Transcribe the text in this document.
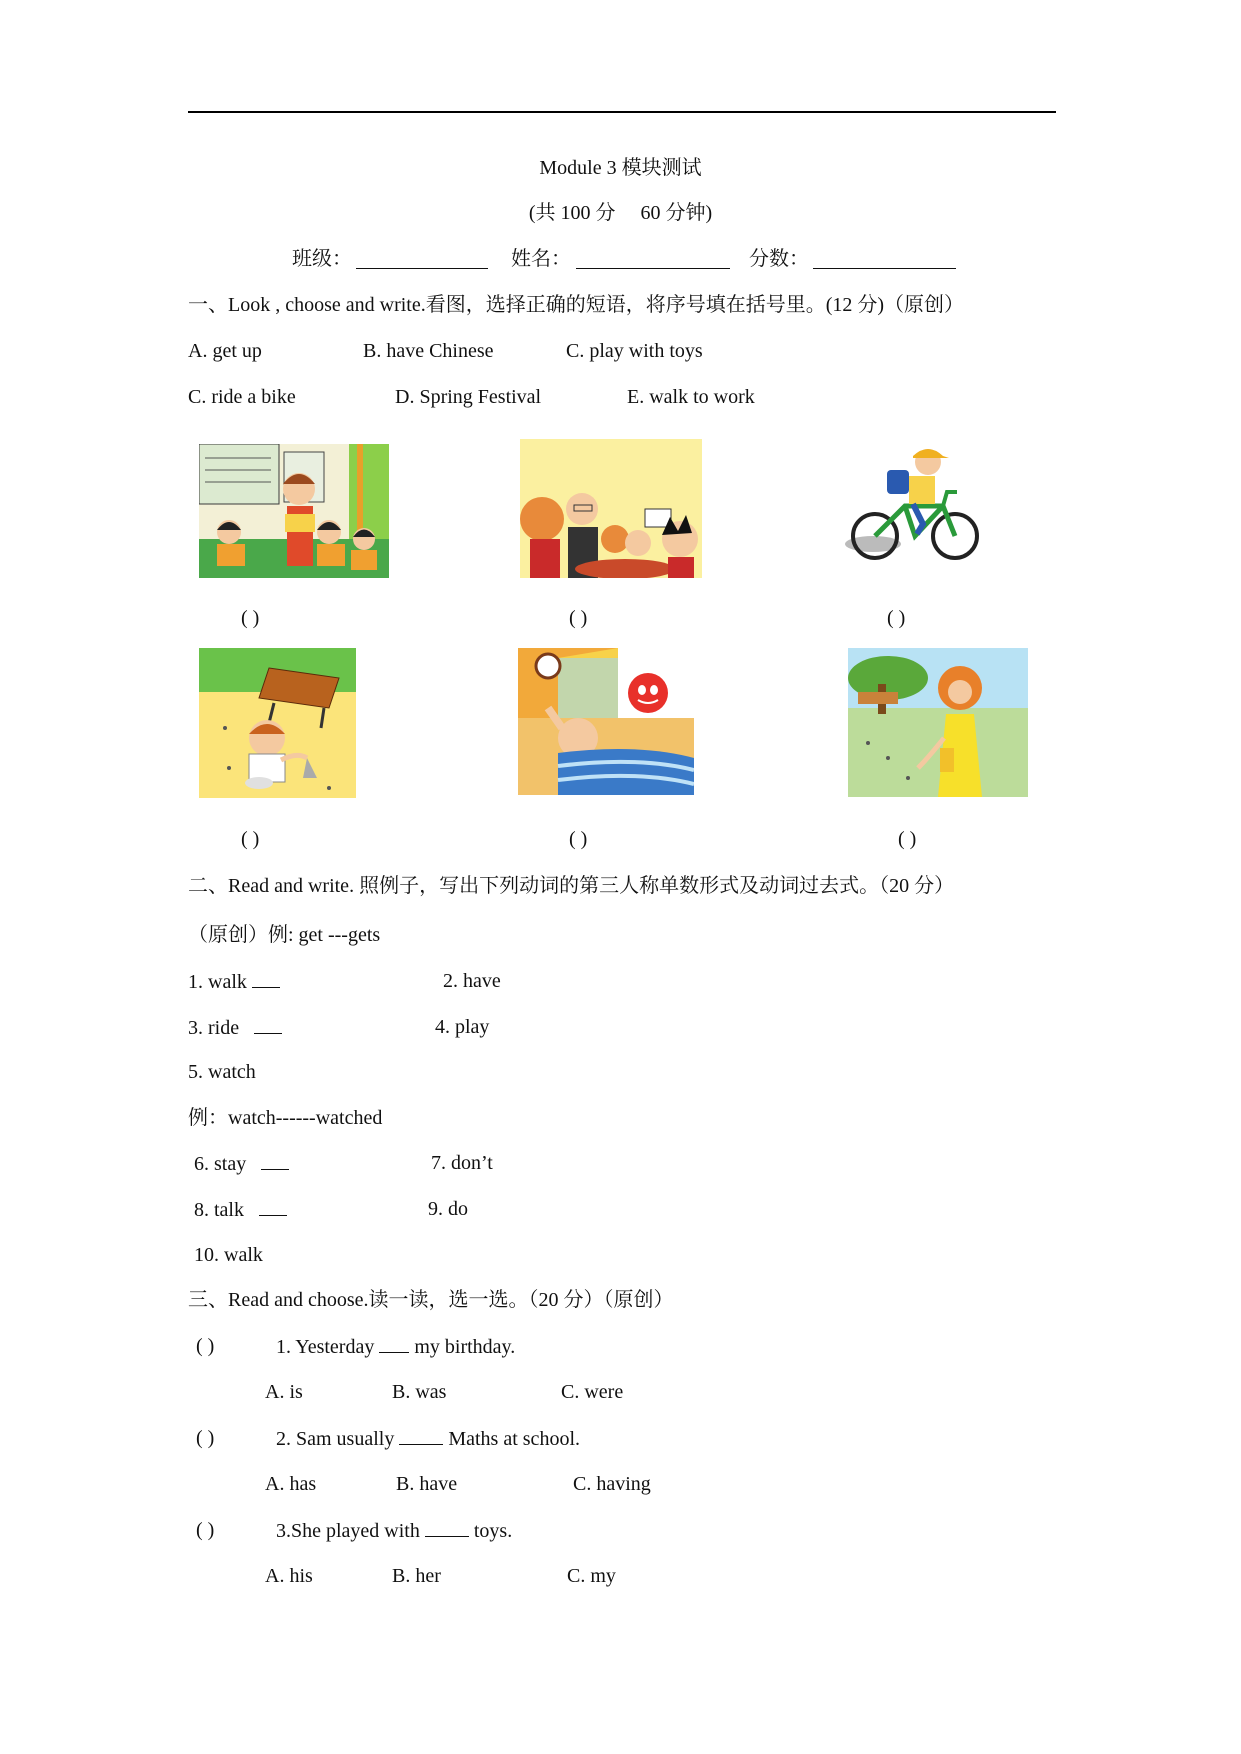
Module 3 模块测试
(共 100 分　 60 分钟)
班级：	姓名：	分数：
一、Look , choose and write.看图，选择正确的短语，将序号填在括号里。(12 分)（原创）
A. get up	B. have Chinese	C. play with toys
C. ride a bike	D. Spring Festival	E. walk to work
( )	( )	( )
( )	( )	( )
二、Read and write. 照例子，写出下列动词的第三人称单数形式及动词过去式。（20 分）
（原创）例: get ---gets
1. walk	2. have
3. ride	4. play
5. watch
例：watch------watched
6. stay	7. don’t
8. talk	9. do
10. walk
三、Read and choose.读一读，选一选。（20 分）（原创）
( )	1. Yesterday  my birthday.
A. is	B. was	C. were
( )	2. Sam usually  Maths at school.
A. has	B. have	C. having
( )	3.She played with  toys.
A. his	B. her	C. my
